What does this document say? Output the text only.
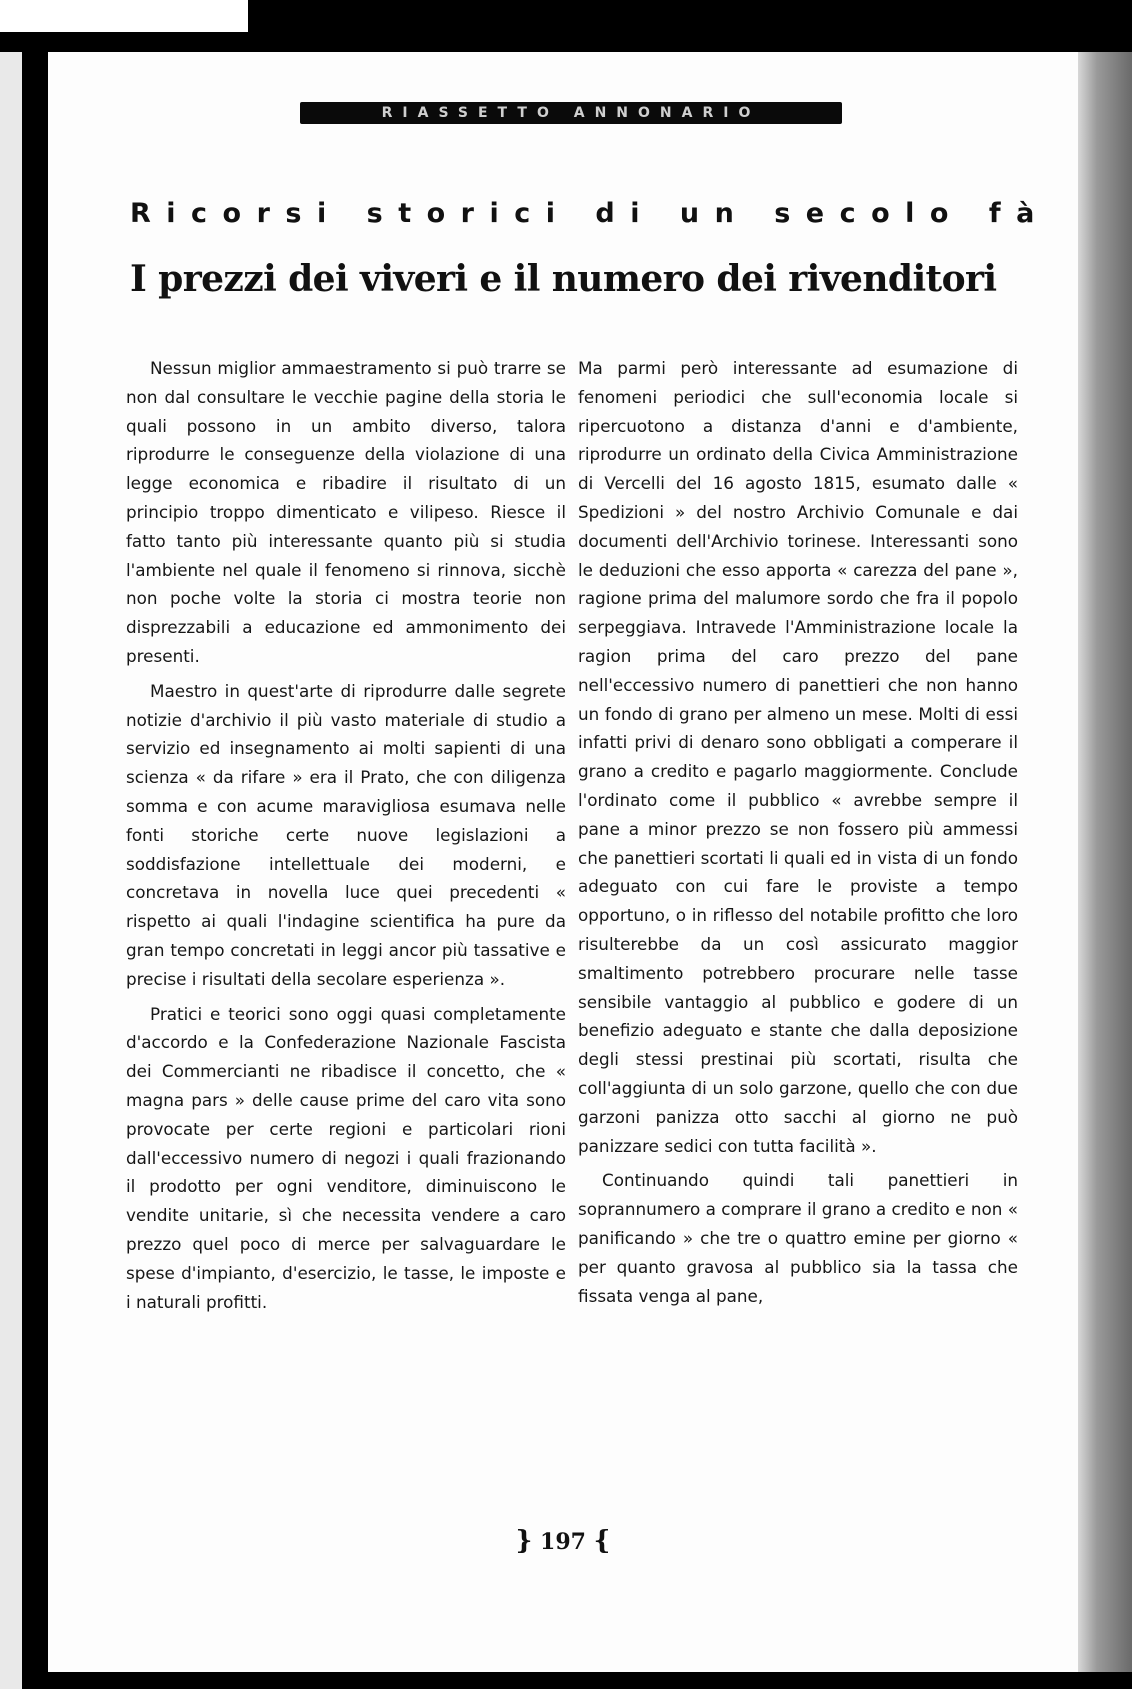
RIASSETTO ANNONARIO
Ricorsi storici di un secolo fà
I prezzi dei viveri e il numero dei rivenditori

Nessun miglior ammaestramento si può trarre se non dal consultare le vecchie pagine della storia le quali possono in un ambito diverso, talora riprodurre le conseguenze della violazione di una legge economica e ribadire il risultato di un principio troppo dimenticato e vilipeso. Riesce il fatto tanto più interessante quanto più si studia l'ambiente nel quale il fenomeno si rinnova, sicchè non poche volte la storia ci mostra teorie non disprezzabili a educazione ed ammonimento dei presenti.

Maestro in quest'arte di riprodurre dalle segrete notizie d'archivio il più vasto materiale di studio a servizio ed insegnamento ai molti sapienti di una scienza « da rifare » era il Prato, che con diligenza somma e con acume maravigliosa esumava nelle fonti storiche certe nuove legislazioni a soddisfazione intellettuale dei moderni, e concretava in novella luce quei precedenti « rispetto ai quali l'indagine scientifica ha pure da gran tempo concretati in leggi ancor più tassative e precise i risultati della secolare esperienza ».

Pratici e teorici sono oggi quasi completamente d'accordo e la Confederazione Nazionale Fascista dei Commercianti ne ribadisce il concetto, che « magna pars » delle cause prime del caro vita sono provocate per certe regioni e particolari rioni dall'eccessivo numero di negozi i quali frazionando il prodotto per ogni venditore, diminuiscono le vendite unitarie, sì che necessita vendere a caro prezzo quel poco di merce per salvaguardare le spese d'impianto, d'esercizio, le tasse, le imposte e i naturali profitti.

Ma parmi però interessante ad esumazione di fenomeni periodici che sull'economia locale si ripercuotono a distanza d'anni e d'ambiente, riprodurre un ordinato della Civica Amministrazione di Vercelli del 16 agosto 1815, esumato dalle « Spedizioni » del nostro Archivio Comunale e dai documenti dell'Archivio torinese. Interessanti sono le deduzioni che esso apporta « carezza del pane », ragione prima del malumore sordo che fra il popolo serpeggiava. Intravede l'Amministrazione locale la ragion prima del caro prezzo del pane nell'eccessivo numero di panettieri che non hanno un fondo di grano per almeno un mese. Molti di essi infatti privi di denaro sono obbligati a comperare il grano a credito e pagarlo maggiormente. Conclude l'ordinato come il pubblico « avrebbe sempre il pane a minor prezzo se non fossero più ammessi che panettieri scortati li quali ed in vista di un fondo adeguato con cui fare le proviste a tempo opportuno, o in riflesso del notabile profitto che loro risulterebbe da un così assicurato maggior smaltimento potrebbero procurare nelle tasse sensibile vantaggio al pubblico e godere di un benefizio adeguato e stante che dalla deposizione degli stessi prestinai più scortati, risulta che coll'aggiunta di un solo garzone, quello che con due garzoni panizza otto sacchi al giorno ne può panizzare sedici con tutta facilità ».

Continuando quindi tali panettieri in soprannumero a comprare il grano a credito e non « panificando » che tre o quattro emine per giorno « per quanto gravosa al pubblico sia la tassa che fissata venga al pane,

} 197 {
